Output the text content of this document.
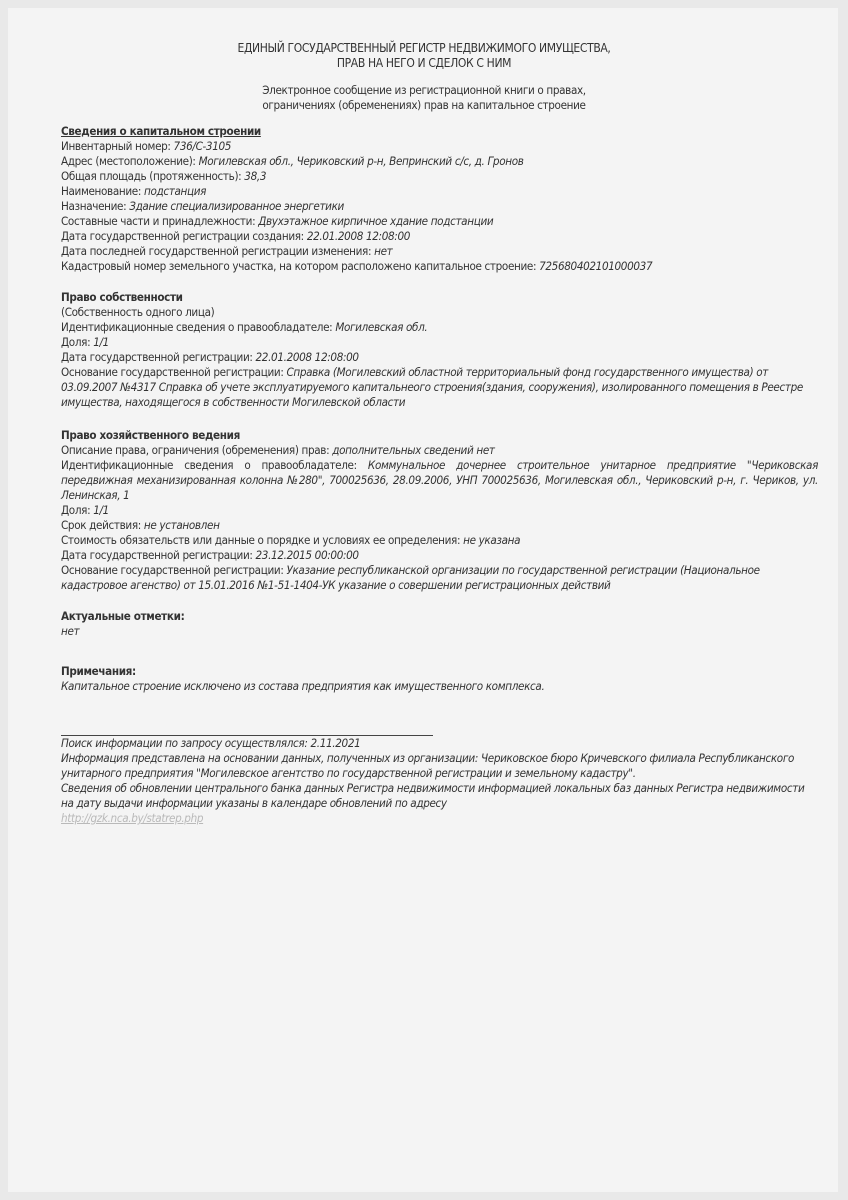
ЕДИНЫЙ ГОСУДАРСТВЕННЫЙ РЕГИСТР НЕДВИЖИМОГО ИМУЩЕСТВА,
ПРАВ НА НЕГО И СДЕЛОК С НИМ
Электронное сообщение из регистрационной книги о правах,
ограничениях (обременениях) прав на капитальное строение
Сведения о капитальном строении
Инвентарный номер: 736/С-3105
Адрес (местоположение): Могилевская обл., Чериковский р-н, Вепринский с/с, д. Гронов
Общая площадь (протяженность): 38,3
Наименование: подстанция
Назначение: Здание специализированное энергетики
Составные части и принадлежности: Двухэтажное кирпичное хдание подстанции
Дата государственной регистрации создания: 22.01.2008 12:08:00
Дата последней государственной регистрации изменения: нет
Кадастровый номер земельного участка, на котором расположено капитальное строение: 725680402101000037
Право собственности
(Собственность одного лица)
Идентификационные сведения о правообладателе: Могилевская обл.
Доля: 1/1
Дата государственной регистрации: 22.01.2008 12:08:00
Основание государственной регистрации: Справка (Могилевский областной территориальный фонд государственного имущества) от 03.09.2007 №4317 Справка об учете эксплуатируемого капитальнеого строения(здания, сооружения), изолированного помещения в Реестре имущества, находящегося в собственности Могилевской области
Право хозяйственного ведения
Описание права, ограничения (обременения) прав: дополнительных сведений нет
Идентификационные сведения о правообладателе: Коммунальное дочернее строительное унитарное предприятие "Чериковская передвижная механизированная колонна №280", 700025636, 28.09.2006, УНП 700025636, Могилевская обл., Чериковский р-н, г. Чериков, ул. Ленинская, 1
Доля: 1/1
Срок действия: не установлен
Стоимость обязательств или данные о порядке и условиях ее определения: не указана
Дата государственной регистрации: 23.12.2015 00:00:00
Основание государственной регистрации: Указание республиканской организации по государственной регистрации (Национальное кадастровое агенство) от 15.01.2016 №1-51-1404-УК указание о совершении регистрационных действий
Актуальные отметки:
нет
Примечания:
Капитальное строение исключено из состава предприятия как имущественного комплекса.
Поиск информации по запросу осуществлялся: 2.11.2021
Информация представлена на основании данных, полученных из организации: Чериковское бюро Кричевского филиала Республиканского унитарного предприятия "Могилевское агентство по государственной регистрации и земельному кадастру".
Сведения об обновлении центрального банка данных Регистра недвижимости информацией локальных баз данных Регистра недвижимости на дату выдачи информации указаны в календаре обновлений по адресу
http://gzk.nca.by/statrep.php
